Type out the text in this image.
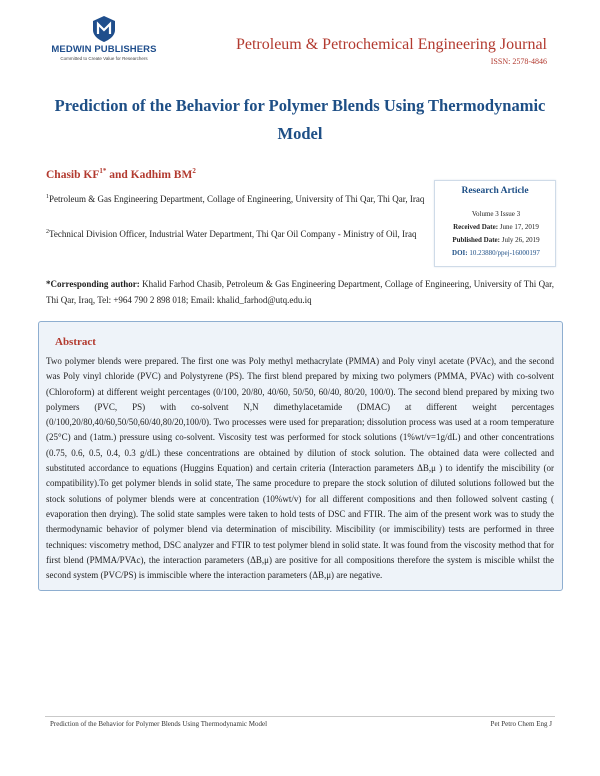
MEDWIN PUBLISHERS
Committed to Create Value for Researchers
Petroleum & Petrochemical Engineering Journal
ISSN: 2578-4846
Prediction of the Behavior for Polymer Blends Using Thermodynamic Model
Chasib $KF^{1*}$ and Kadhim $BM^2$
$^1$Petroleum & Gas Engineering Department, Collage of Engineering, University of Thi Qar, Thi Qar, Iraq
$^2$Technical Division Officer, Industrial Water Department, Thi Qar Oil Company - Ministry of Oil, Iraq
Research Article
Volume 3 Issue 3
Received Date: June 17, 2019
Published Date: July 26, 2019
DOI: 10.23880/ppej-16000197
*Corresponding author: Khalid Farhod Chasib, Petroleum & Gas Engineering Department, Collage of Engineering, University of Thi Qar, Thi Qar, Iraq, Tel: +964 790 2 898 018; Email: khalid_farhod@utq.edu.iq
Abstract
Two polymer blends were prepared. The first one was Poly methyl methacrylate (PMMA) and Poly vinyl acetate (PVAc), and the second was Poly vinyl chloride (PVC) and Polystyrene (PS). The first blend prepared by mixing two polymers (PMMA, PVAc) with co-solvent (Chloroform) at different weight percentages (0/100, 20/80, 40/60, 50/50, 60/40, 80/20, 100/0). The second blend prepared by mixing two polymers (PVC, PS) with co-solvent N,N dimethylacetamide (DMAC) at different weight percentages (0/100,20/80,40/60,50/50,60/40,80/20,100/0). Two processes were used for preparation; dissolution process was used at a room temperature (25°C) and (1atm.) pressure using co-solvent. Viscosity test was performed for stock solutions (1%wt/v=1g/dL) and other concentrations (0.75, 0.6, 0.5, 0.4, 0.3 g/dL) these concentrations are obtained by dilution of stock solution. The obtained data were collected and substituted accordance to equations (Huggins Equation) and certain criteria (Interaction parameters ΔB,μ ) to identify the miscibility (or compatibility).To get polymer blends in solid state, The same procedure to prepare the stock solution of diluted solutions followed but the stock solutions of polymer blends were at concentration (10%wt/v) for all different compositions and then followed solvent casting ( evaporation then drying). The solid state samples were taken to hold tests of DSC and FTIR. The aim of the present work was to study the thermodynamic behavior of polymer blend via determination of miscibility. Miscibility (or immiscibility) tests are performed in three techniques: viscometry method, DSC analyzer and FTIR to test polymer blend in solid state. It was found from the viscosity method that for first blend (PMMA/PVAc), the interaction parameters (ΔB,μ) are positive for all compositions therefore the system is miscible whilst the second system (PVC/PS) is immiscible where the interaction parameters (ΔB,μ) are negative.
Prediction of the Behavior for Polymer Blends Using Thermodynamic Model	Pet Petro Chem Eng J
